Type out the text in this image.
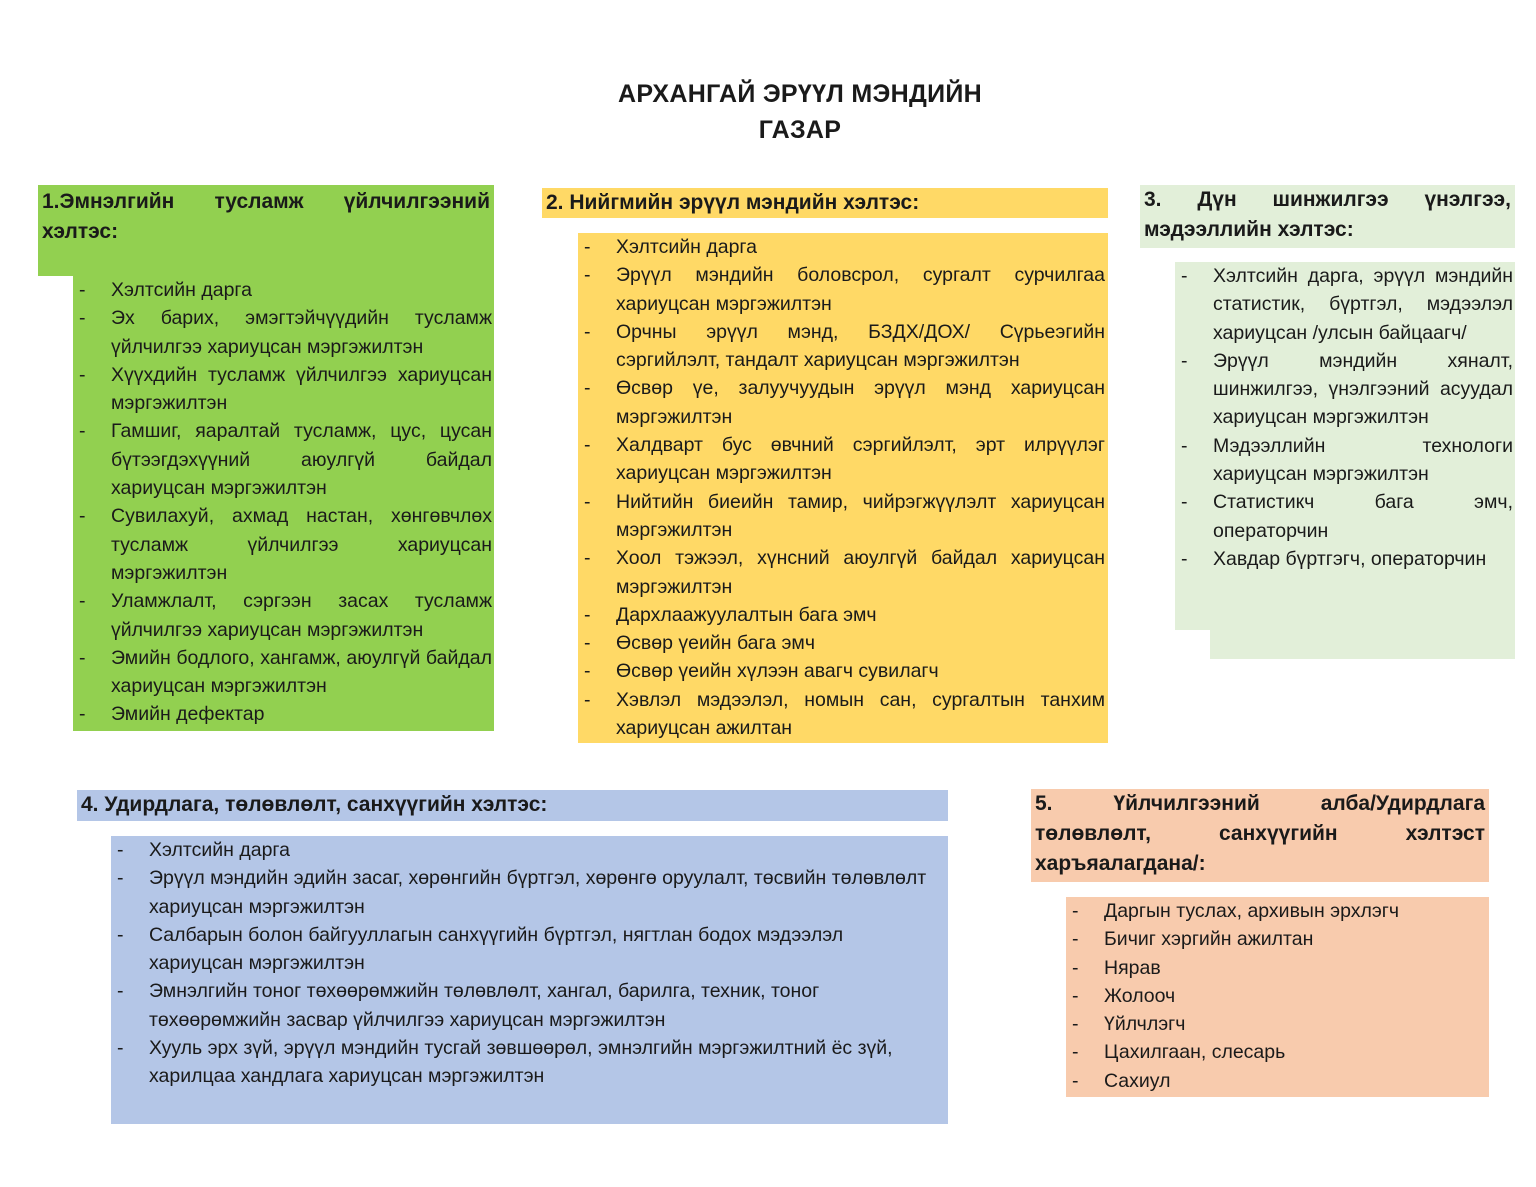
АРХАНГАЙ ЭРҮҮЛ МЭНДИЙН
ГАЗАР
1.Эмнэлгийн тусламж үйлчилгээний хэлтэс:
- Хэлтсийн дарга
- Эх барих, эмэгтэйчүүдийн тусламж үйлчилгээ хариуцсан мэргэжилтэн
- Хүүхдийн тусламж үйлчилгээ хариуцсан мэргэжилтэн
- Гамшиг, яаралтай тусламж, цус, цусан бүтээгдэхүүний аюулгүй байдал хариуцсан мэргэжилтэн
- Сувилахуй, ахмад настан, хөнгөвчлөх тусламж үйлчилгээ хариуцсан мэргэжилтэн
- Уламжлалт, сэргээн засах тусламж үйлчилгээ хариуцсан мэргэжилтэн
- Эмийн бодлого, хангамж, аюулгүй байдал хариуцсан мэргэжилтэн
- Эмийн дефектар
2. Нийгмийн эрүүл мэндийн хэлтэс:
- Хэлтсийн дарга
- Эрүүл мэндийн боловсрол, сургалт сурчилгаа хариуцсан мэргэжилтэн
- Орчны эрүүл мэнд, БЗДХ/ДОХ/ Сүрьеэгийн сэргийлэлт, тандалт хариуцсан мэргэжилтэн
- Өсвөр үе, залуучуудын эрүүл мэнд хариуцсан мэргэжилтэн
- Халдварт бус өвчний сэргийлэлт, эрт илрүүлэг хариуцсан мэргэжилтэн
- Нийтийн биеийн тамир, чийрэгжүүлэлт хариуцсан мэргэжилтэн
- Хоол тэжээл, хүнсний аюулгүй байдал хариуцсан мэргэжилтэн
- Дархлаажуулалтын бага эмч
- Өсвөр үеийн бага эмч
- Өсвөр үеийн хүлээн авагч сувилагч
- Хэвлэл мэдээлэл, номын сан, сургалтын танхим хариуцсан ажилтан
3. Дүн шинжилгээ үнэлгээ, мэдээллийн хэлтэс:
- Хэлтсийн дарга, эрүүл мэндийн статистик, бүртгэл, мэдээлэл хариуцсан /улсын байцаагч/
- Эрүүл мэндийн хяналт, шинжилгээ, үнэлгээний асуудал хариуцсан мэргэжилтэн
- Мэдээллийн технологи хариуцсан мэргэжилтэн
- Статистикч бага эмч, операторчин
- Хавдар бүртгэгч, операторчин
4. Удирдлага, төлөвлөлт, санхүүгийн хэлтэс:
- Хэлтсийн дарга
- Эрүүл мэндийн эдийн засаг, хөрөнгийн бүртгэл, хөрөнгө оруулалт, төсвийн төлөвлөлт хариуцсан мэргэжилтэн
- Салбарын болон байгууллагын санхүүгийн бүртгэл, нягтлан бодох мэдээлэл хариуцсан мэргэжилтэн
- Эмнэлгийн тоног төхөөрөмжийн төлөвлөлт, хангал, барилга, техник, тоног төхөөрөмжийн засвар үйлчилгээ хариуцсан мэргэжилтэн
- Хууль эрх зүй, эрүүл мэндийн тусгай зөвшөөрөл, эмнэлгийн мэргэжилтний ёс зүй, харилцаа хандлага хариуцсан мэргэжилтэн
5. Үйлчилгээний алба/Удирдлага төлөвлөлт, санхүүгийн хэлтэст харъяалагдана/:
- Даргын туслах, архивын эрхлэгч
- Бичиг хэргийн ажилтан
- Нярав
- Жолооч
- Үйлчлэгч
- Цахилгаан, слесарь
- Сахиул
